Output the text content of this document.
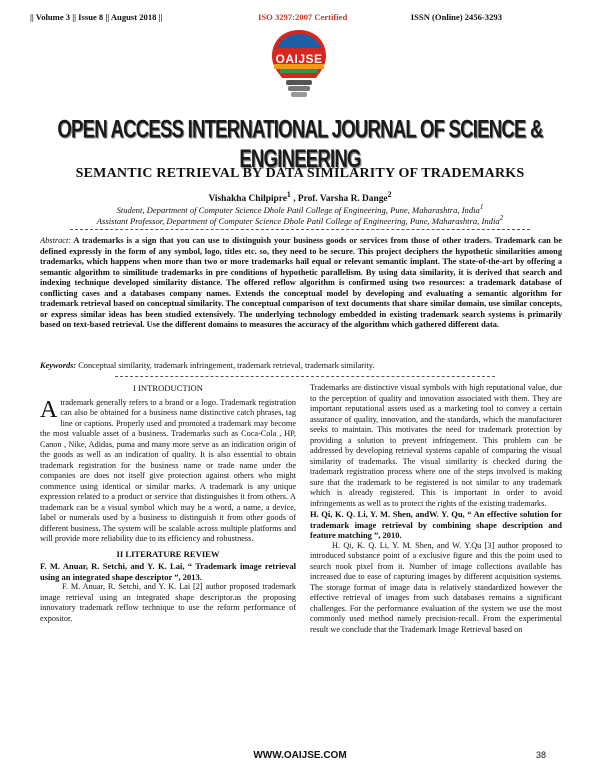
|| Volume 3 || Issue 8 || August 2018 ||	ISO 3297:2007 Certified	ISSN (Online) 2456-3293
OAIJSE
OPEN ACCESS INTERNATIONAL JOURNAL OF SCIENCE & ENGINEERING
SEMANTIC RETRIEVAL BY DATA SIMILARITY OF TRADEMARKS
Vishakha Chilpipre$^1$ , Prof. Varsha R. Dange$^2$
Student, Department of Computer Science Dhole Patil College of Engineering, Pune, Maharashtra, India$^1$
Assistant Professor, Department of Computer Science Dhole Patil College of Engineering, Pune, Maharashtra, India$^2$
Abstract: A trademarks is a sign that you can use to distinguish your business goods or services from those of other traders. Trademark can be defined expressly in the form of any symbol, logo, titles etc. so, they need to be secure. This project deciphers the hypothetic similarities among trademarks, which happens when more than two or more trademarks hail equal or relevant semantic implant. The state-of-the-art by offering a semantic algorithm to similitude trademarks in pre conditions of hypothetic parallelism. By using data similarity, it is derived that search and indexing technique developed similarity distance. The offered reflow algorithm is confirmed using two resources: a trademark database of conflicting cases and a databases company names. Extends the conceptual model by developing and evaluating a semantic algorithm for trademark retrieval based on conceptual similarity. The conceptual comparison of text documents that share similar domain, use similar concepts, or express similar ideas has been studied extensively. The underlying technology embedded in existing trademark search systems is primarily based on text-based retrieval. Use the different domains to measures the accuracy of the algorithm which gathered different data.
Keywords: Conceptual similarity, trademark infringement, trademark retrieval, trademark similarity.
I INTRODUCTION

A trademark generally refers to a brand or a logo. Trademark registration can also be obtained for a business name distinctive catch phrases, tag line or captions. Properly used and promoted a trademark may become the most valuable asset of a business. Trademarks such as Coca-Cola , HP, Canon , Nike, Adidas, puma and many more serve as an indication origin of the goods as well as an indication of quality. It is also essential to obtain trademark registration for the business name or trade name under the companies are does not itself give protection against others who might commence using identical or similar marks. A trademark is any unique expression related to a product or service that distinguishes it from others. A trademark can be a visual symbol which may be a word, a name, a device, label or numerals used by a business to distinguish it from other goods of different business. The system will be scalable across multiple platforms and will provide more reliability due to its efficiency and robustness.

II LITERATURE REVIEW

F. M. Anuar, R. Setchi, and Y. K. Lai, “ Trademark image retrieval using an integrated shape descriptor ”, 2013.

F. M. Anuar, R. Setchi, and Y. K. Lai [2] author proposed trademark image retrieval using an integrated shape descriptor.as the proposing innovatory trademark reflow technique to use the reform performance of expositor.

Trademarks are distinctive visual symbols with high reputational value, due to the perception of quality and innovation associated with them. They are important reputational assets used as a marketing tool to convey a certain assurance of quality, innovation, and the standards, which the manufacturer seeks to maintain. This motivates the need for trademark protection by providing a solution to prevent infringement. This problem can be addressed by developing retrieval systems capable of comparing the visual similarity of trademarks. The visual similarity is checked during the trademark registration process where one of the steps involved is making sure that the trademark to be registered is not similar to any trademark which is already registered. This is important in order to avoid infringements as well as to protect the rights of the existing trademarks.

H. Qi, K. Q. Li, Y. M. Shen, andW. Y. Qu, “ An effective solution for trademark image retrieval by combining shape description and feature matching ”, 2010.

H. Qi, K. Q. Li, Y. M. Shen, and W. Y.Qu [3] author proposed to introduced substance point of a exclusive figure and this the point used to search nook pixel from it. Number of image collections available has increased due to ease of capturing images by different acquisition systems. The storage format of image data is relatively standardized however the effective retrieval of images from such databases remains a significant challenges. For the performance evaluation of the system we use the most commonly used method namely precision-recall. From the experimental result we conclude that the Trademark Image Retrieval based on

WWW.OAIJSE.COM	38
